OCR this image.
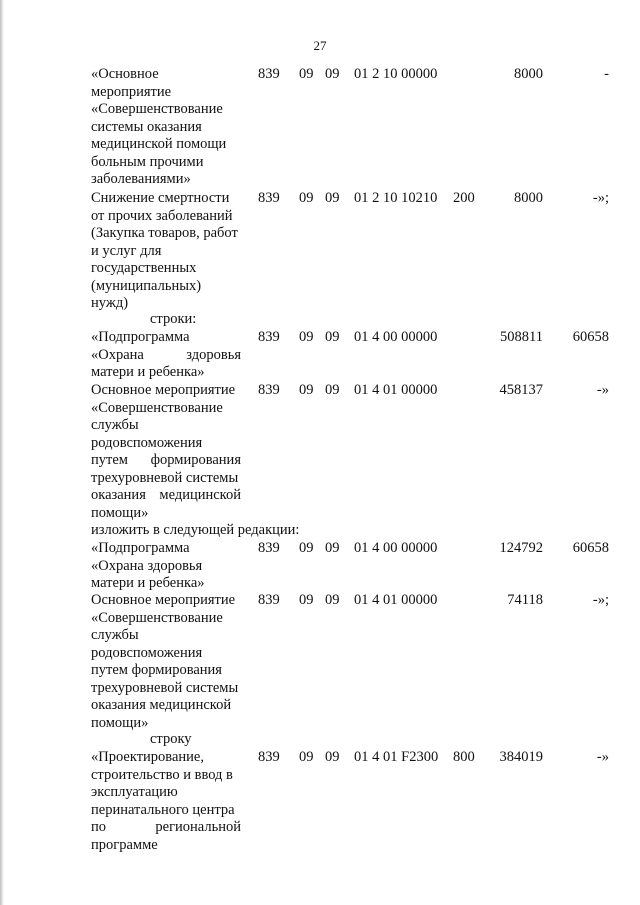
27
«Основное
мероприятие
«Совершенствование
системы оказания
медицинской помощи
больным прочими
заболеваниями»
839 09 09 01 2 10 00000	8000	-
Снижение смертности
от прочих заболеваний
(Закупка товаров, работ
и услуг для
государственных
(муниципальных)
нужд)
839 09 09 01 2 10 10210 200	8000	-»;
строки:
«Подпрограмма
«Охрана	здоровья
матери и ребенка»
839 09 09 01 4 00 00000	508811 60658
Основное мероприятие
«Совершенствование
службы
родовспоможения
путем формирования
трехуровневой системы
оказания медицинской
помощи»
839 09 09 01 4 01 00000	458137	-»
изложить в следующей редакции:
«Подпрограмма
«Охрана здоровья
матери и ребенка»
839 09 09 01 4 00 00000	124792 60658
Основное мероприятие
«Совершенствование
службы
родовспоможения
путем формирования
трехуровневой системы
оказания медицинской
помощи»
839 09 09 01 4 01 00000	74118	-»;
строку
«Проектирование,
строительство и ввод в
эксплуатацию
перинатального центра
по	региональной
программе
839 09 09 01 4 01 F2300 800 384019	-»
